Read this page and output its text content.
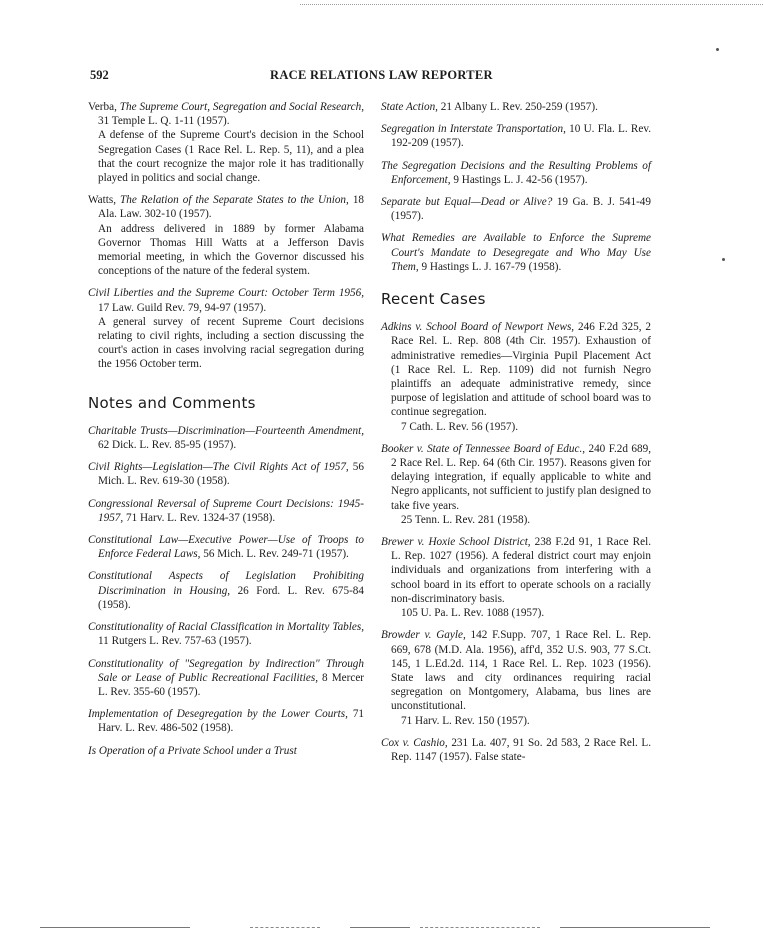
592	RACE RELATIONS LAW REPORTER
Verba, The Supreme Court, Segregation and Social Research, 31 Temple L. Q. 1-11 (1957).
A defense of the Supreme Court's decision in the School Segregation Cases (1 Race Rel. L. Rep. 5, 11), and a plea that the court recognize the major role it has traditionally played in politics and social change.
Watts, The Relation of the Separate States to the Union, 18 Ala. Law. 302-10 (1957).
An address delivered in 1889 by former Alabama Governor Thomas Hill Watts at a Jefferson Davis memorial meeting, in which the Governor discussed his conceptions of the nature of the federal system.
Civil Liberties and the Supreme Court: October Term 1956, 17 Law. Guild Rev. 79, 94-97 (1957).
A general survey of recent Supreme Court decisions relating to civil rights, including a section discussing the court's action in cases involving racial segregation during the 1956 October term.
Notes and Comments
Charitable Trusts—Discrimination—Fourteenth Amendment, 62 Dick. L. Rev. 85-95 (1957).
Civil Rights—Legislation—The Civil Rights Act of 1957, 56 Mich. L. Rev. 619-30 (1958).
Congressional Reversal of Supreme Court Decisions: 1945-1957, 71 Harv. L. Rev. 1324-37 (1958).
Constitutional Law—Executive Power—Use of Troops to Enforce Federal Laws, 56 Mich. L. Rev. 249-71 (1957).
Constitutional Aspects of Legislation Prohibiting Discrimination in Housing, 26 Ford. L. Rev. 675-84 (1958).
Constitutionality of Racial Classification in Mortality Tables, 11 Rutgers L. Rev. 757-63 (1957).
Constitutionality of "Segregation by Indirection" Through Sale or Lease of Public Recreational Facilities, 8 Mercer L. Rev. 355-60 (1957).
Implementation of Desegregation by the Lower Courts, 71 Harv. L. Rev. 486-502 (1958).
Is Operation of a Private School under a Trust
State Action, 21 Albany L. Rev. 250-259 (1957).
Segregation in Interstate Transportation, 10 U. Fla. L. Rev. 192-209 (1957).
The Segregation Decisions and the Resulting Problems of Enforcement, 9 Hastings L. J. 42-56 (1957).
Separate but Equal—Dead or Alive? 19 Ga. B. J. 541-49 (1957).
What Remedies are Available to Enforce the Supreme Court's Mandate to Desegregate and Who May Use Them, 9 Hastings L. J. 167-79 (1958).
Recent Cases
Adkins v. School Board of Newport News, 246 F.2d 325, 2 Race Rel. L. Rep. 808 (4th Cir. 1957). Exhaustion of administrative remedies—Virginia Pupil Placement Act (1 Race Rel. L. Rep. 1109) did not furnish Negro plaintiffs an adequate administrative remedy, since purpose of legislation and attitude of school board was to continue segregation.
7 Cath. L. Rev. 56 (1957).
Booker v. State of Tennessee Board of Educ., 240 F.2d 689, 2 Race Rel. L. Rep. 64 (6th Cir. 1957). Reasons given for delaying integration, if equally applicable to white and Negro applicants, not sufficient to justify plan designed to take five years.
25 Tenn. L. Rev. 281 (1958).
Brewer v. Hoxie School District, 238 F.2d 91, 1 Race Rel. L. Rep. 1027 (1956). A federal district court may enjoin individuals and organizations from interfering with a school board in its effort to operate schools on a racially non-discriminatory basis.
105 U. Pa. L. Rev. 1088 (1957).
Browder v. Gayle, 142 F.Supp. 707, 1 Race Rel. L. Rep. 669, 678 (M.D. Ala. 1956), aff'd, 352 U.S. 903, 77 S.Ct. 145, 1 L.Ed.2d. 114, 1 Race Rel. L. Rep. 1023 (1956). State laws and city ordinances requiring racial segregation on Montgomery, Alabama, bus lines are unconstitutional.
71 Harv. L. Rev. 150 (1957).
Cox v. Cashio, 231 La. 407, 91 So. 2d 583, 2 Race Rel. L. Rep. 1147 (1957). False state-
